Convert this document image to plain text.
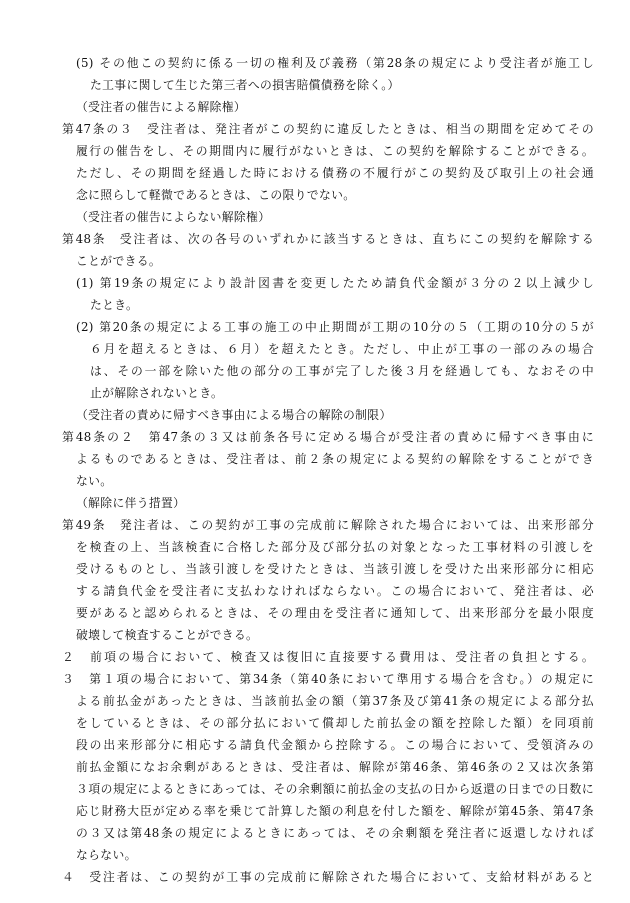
(5) その他この契約に係る一切の権利及び義務（第28条の規定により受注者が施工し
た工事に関して生じた第三者への損害賠償債務を除く。）
（受注者の催告による解除権）
第47条の３　受注者は、発注者がこの契約に違反したときは、相当の期間を定めてその
履行の催告をし、その期間内に履行がないときは、この契約を解除することができる。
ただし、その期間を経過した時における債務の不履行がこの契約及び取引上の社会通
念に照らして軽微であるときは、この限りでない。
（受注者の催告によらない解除権）
第48条　受注者は、次の各号のいずれかに該当するときは、直ちにこの契約を解除する
ことができる。
(1) 第19条の規定により設計図書を変更したため請負代金額が３分の２以上減少し
たとき。
(2) 第20条の規定による工事の施工の中止期間が工期の10分の５（工期の10分の５が
６月を超えるときは、６月）を超えたとき。ただし、中止が工事の一部のみの場合
は、その一部を除いた他の部分の工事が完了した後３月を経過しても、なおその中
止が解除されないとき。
（受注者の責めに帰すべき事由による場合の解除の制限）
第48条の２　第47条の３又は前条各号に定める場合が受注者の責めに帰すべき事由に
よるものであるときは、受注者は、前２条の規定による契約の解除をすることができ
ない。
（解除に伴う措置）
第49条　発注者は、この契約が工事の完成前に解除された場合においては、出来形部分
を検査の上、当該検査に合格した部分及び部分払の対象となった工事材料の引渡しを
受けるものとし、当該引渡しを受けたときは、当該引渡しを受けた出来形部分に相応
する請負代金を受注者に支払わなければならない。この場合において、発注者は、必
要があると認められるときは、その理由を受注者に通知して、出来形部分を最小限度
破壊して検査することができる。
２　前項の場合において、検査又は復旧に直接要する費用は、受注者の負担とする。
３　第１項の場合において、第34条（第40条において準用する場合を含む。）の規定に
よる前払金があったときは、当該前払金の額（第37条及び第41条の規定による部分払
をしているときは、その部分払において償却した前払金の額を控除した額）を同項前
段の出来形部分に相応する請負代金額から控除する。この場合において、受領済みの
前払金額になお余剰があるときは、受注者は、解除が第46条、第46条の２又は次条第
３項の規定によるときにあっては、その余剰額に前払金の支払の日から返還の日までの日数に
応じ財務大臣が定める率を乗じて計算した額の利息を付した額を、解除が第45条、第47条
の３又は第48条の規定によるときにあっては、その余剰額を発注者に返還しなければ
ならない。
４　受注者は、この契約が工事の完成前に解除された場合において、支給材料があると
